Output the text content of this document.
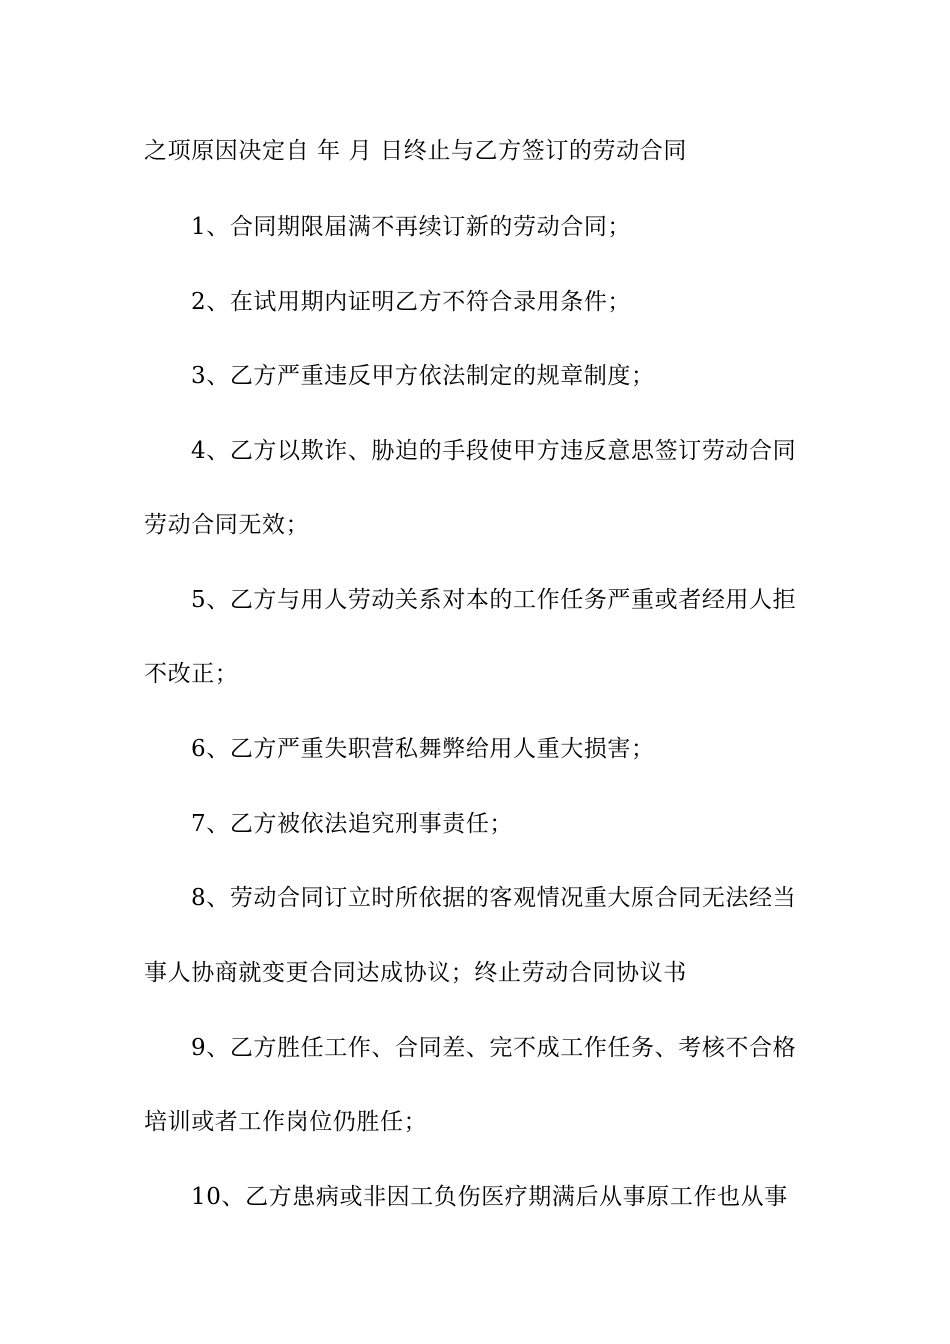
之项原因决定自 年 月 日终止与乙方签订的劳动合同
1、合同期限届满不再续订新的劳动合同；
2、在试用期内证明乙方不符合录用条件；
3、乙方严重违反甲方依法制定的规章制度；
4、乙方以欺诈、胁迫的手段使甲方违反意思签订劳动合同
劳动合同无效；
5、乙方与用人劳动关系对本的工作任务严重或者经用人拒
不改正；
6、乙方严重失职营私舞弊给用人重大损害；
7、乙方被依法追究刑事责任；
8、劳动合同订立时所依据的客观情况重大原合同无法经当
事人协商就变更合同达成协议；终止劳动合同协议书
9、乙方胜任工作、合同差、完不成工作任务、考核不合格
培训或者工作岗位仍胜任；
10、乙方患病或非因工负伤医疗期满后从事原工作也从事
